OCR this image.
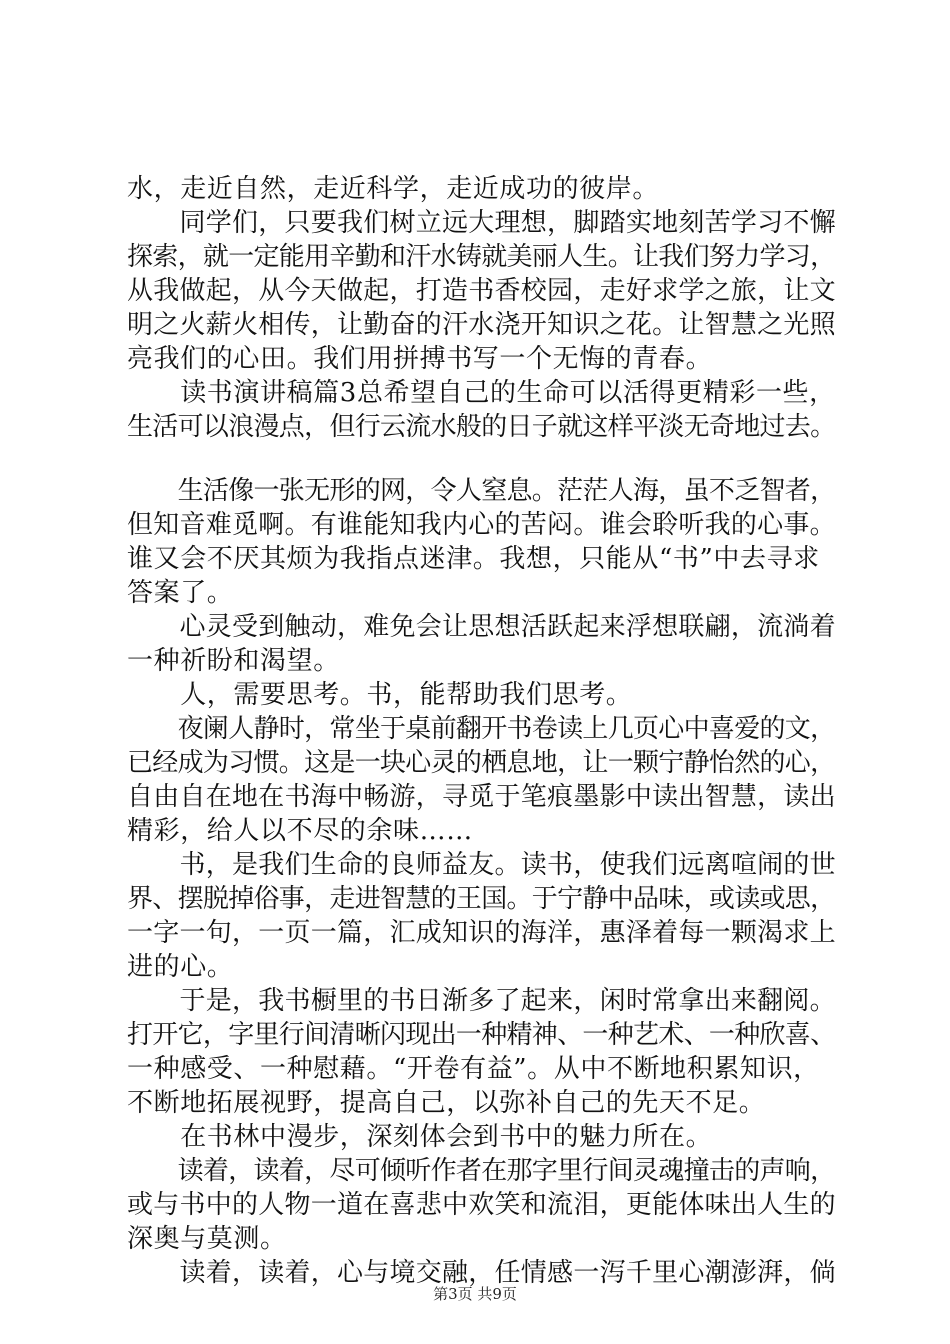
水，走近自然，走近科学，走近成功的彼岸。
　　同学们，只要我们树立远大理想，脚踏实地刻苦学习不懈
探索，就一定能用辛勤和汗水铸就美丽人生。让我们努力学习，
从我做起，从今天做起，打造书香校园，走好求学之旅，让文
明之火薪火相传，让勤奋的汗水浇开知识之花。让智慧之光照
亮我们的心田。我们用拼搏书写一个无悔的青春。
　　读书演讲稿篇3总希望自己的生命可以活得更精彩一些，
生活可以浪漫点，但行云流水般的日子就这样平淡无奇地过去。
　　生活像一张无形的网，令人窒息。茫茫人海，虽不乏智者，
但知音难觅啊。有谁能知我内心的苦闷。谁会聆听我的心事。
谁又会不厌其烦为我指点迷津。我想，只能从“书”中去寻求
答案了。
　　心灵受到触动，难免会让思想活跃起来浮想联翩，流淌着
一种祈盼和渴望。
　　人，需要思考。书，能帮助我们思考。
　　夜阑人静时，常坐于桌前翻开书卷读上几页心中喜爱的文，
已经成为习惯。这是一块心灵的栖息地，让一颗宁静怡然的心，
自由自在地在书海中畅游，寻觅于笔痕墨影中读出智慧，读出
精彩，给人以不尽的余味……
　　书，是我们生命的良师益友。读书，使我们远离喧闹的世
界、摆脱掉俗事，走进智慧的王国。于宁静中品味，或读或思，
一字一句，一页一篇，汇成知识的海洋，惠泽着每一颗渴求上
进的心。
　　于是，我书橱里的书日渐多了起来，闲时常拿出来翻阅。
打开它，字里行间清晰闪现出一种精神、一种艺术、一种欣喜、
一种感受、一种慰藉。“开卷有益”。从中不断地积累知识，
不断地拓展视野，提高自己，以弥补自己的先天不足。
　　在书林中漫步，深刻体会到书中的魅力所在。
　　读着，读着，尽可倾听作者在那字里行间灵魂撞击的声响，
或与书中的人物一道在喜悲中欢笑和流泪，更能体味出人生的
深奥与莫测。
　　读着，读着，心与境交融，任情感一泻千里心潮澎湃，倘
第3页 共9页
